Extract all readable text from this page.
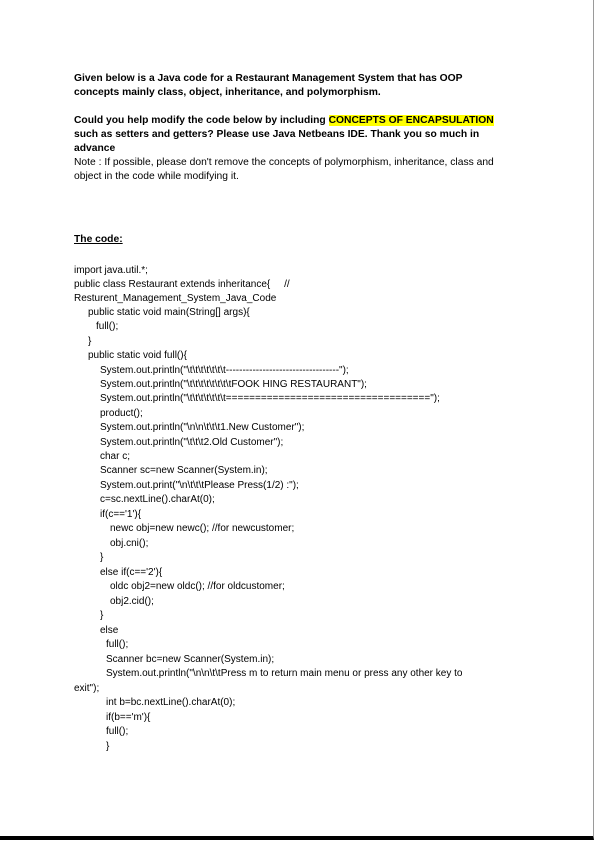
Given below is a Java code for a Restaurant Management System that has OOP

concepts mainly class, object, inheritance, and polymorphism.

Could you help modify the code below by including CONCEPTS OF ENCAPSULATION

such as setters and getters? Please use Java Netbeans IDE. Thank you so much in

advance

Note : If possible, please don't remove the concepts of polymorphism, inheritance, class and

object in the code while modifying it.

The code:
import java.util.*;
public class Restaurant extends inheritance{     //
Resturent_Management_System_Java_Code
public static void main(String[] args){
full();
}
public static void full(){
System.out.println("\t\t\t\t\t\t\t----------------------------------");
System.out.println("\t\t\t\t\t\t\t\tFOOK HING RESTAURANT");
System.out.println("\t\t\t\t\t\t\t===================================");
product();
System.out.println("\n\n\t\t\t1.New Customer");
System.out.println("\t\t\t2.Old Customer");
char c;
Scanner sc=new Scanner(System.in);
System.out.print("\n\t\t\tPlease Press(1/2) :");
c=sc.nextLine().charAt(0);
if(c=='1'){
newc obj=new newc(); //for newcustomer;
obj.cni();
}
else if(c=='2'){
oldc obj2=new oldc(); //for oldcustomer;
obj2.cid();
}
else
full();
Scanner bc=new Scanner(System.in);
System.out.println("\n\n\t\tPress m to return main menu or press any other key to
exit");
int b=bc.nextLine().charAt(0);
if(b=='m'){
full();
}
